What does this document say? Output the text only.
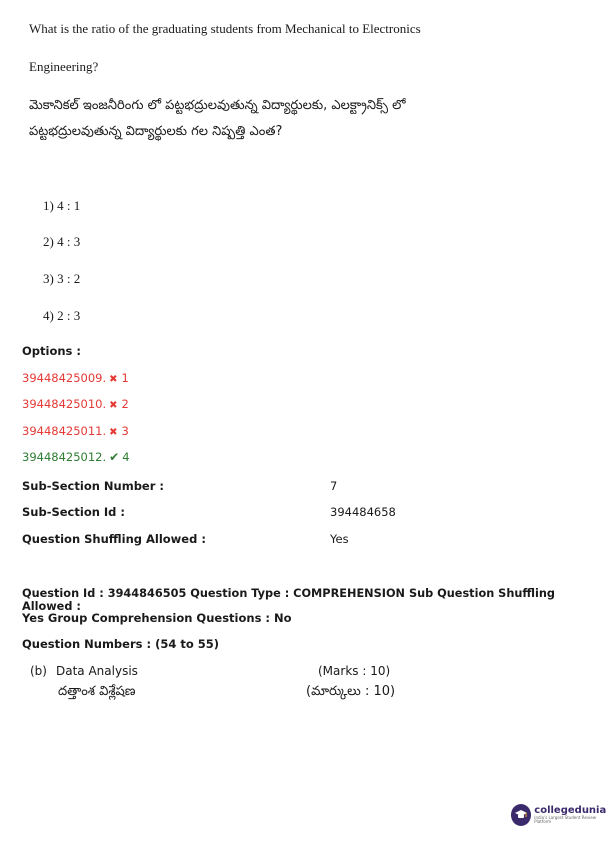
What is the ratio of the graduating students from Mechanical to Electronics
Engineering?
మెకానికల్ ఇంజనీరింగు లో పట్టభద్రులవుతున్న విద్యార్థులకు, ఎలక్ట్రానిక్స్ లో
పట్టభద్రులవుతున్న విద్యార్థులకు గల నిష్పత్తి ఎంత?
1) 4 : 1
2) 4 : 3
3) 3 : 2
4) 2 : 3
Options :
39448425009. ✖ 1
39448425010. ✖ 2
39448425011. ✖ 3
39448425012. ✔ 4
Sub-Section Number :	7
Sub-Section Id :	394484658
Question Shuffling Allowed :	Yes
Question Id : 3944846505 Question Type : COMPREHENSION Sub Question Shuffling Allowed :
Yes Group Comprehension Questions : No
Question Numbers : (54 to 55)
(b) Data Analysis	(Marks : 10)
దత్తాంశ విశ్లేషణ	(మార్కులు : 10)
collegedunia
India's Largest Student Review Platform
